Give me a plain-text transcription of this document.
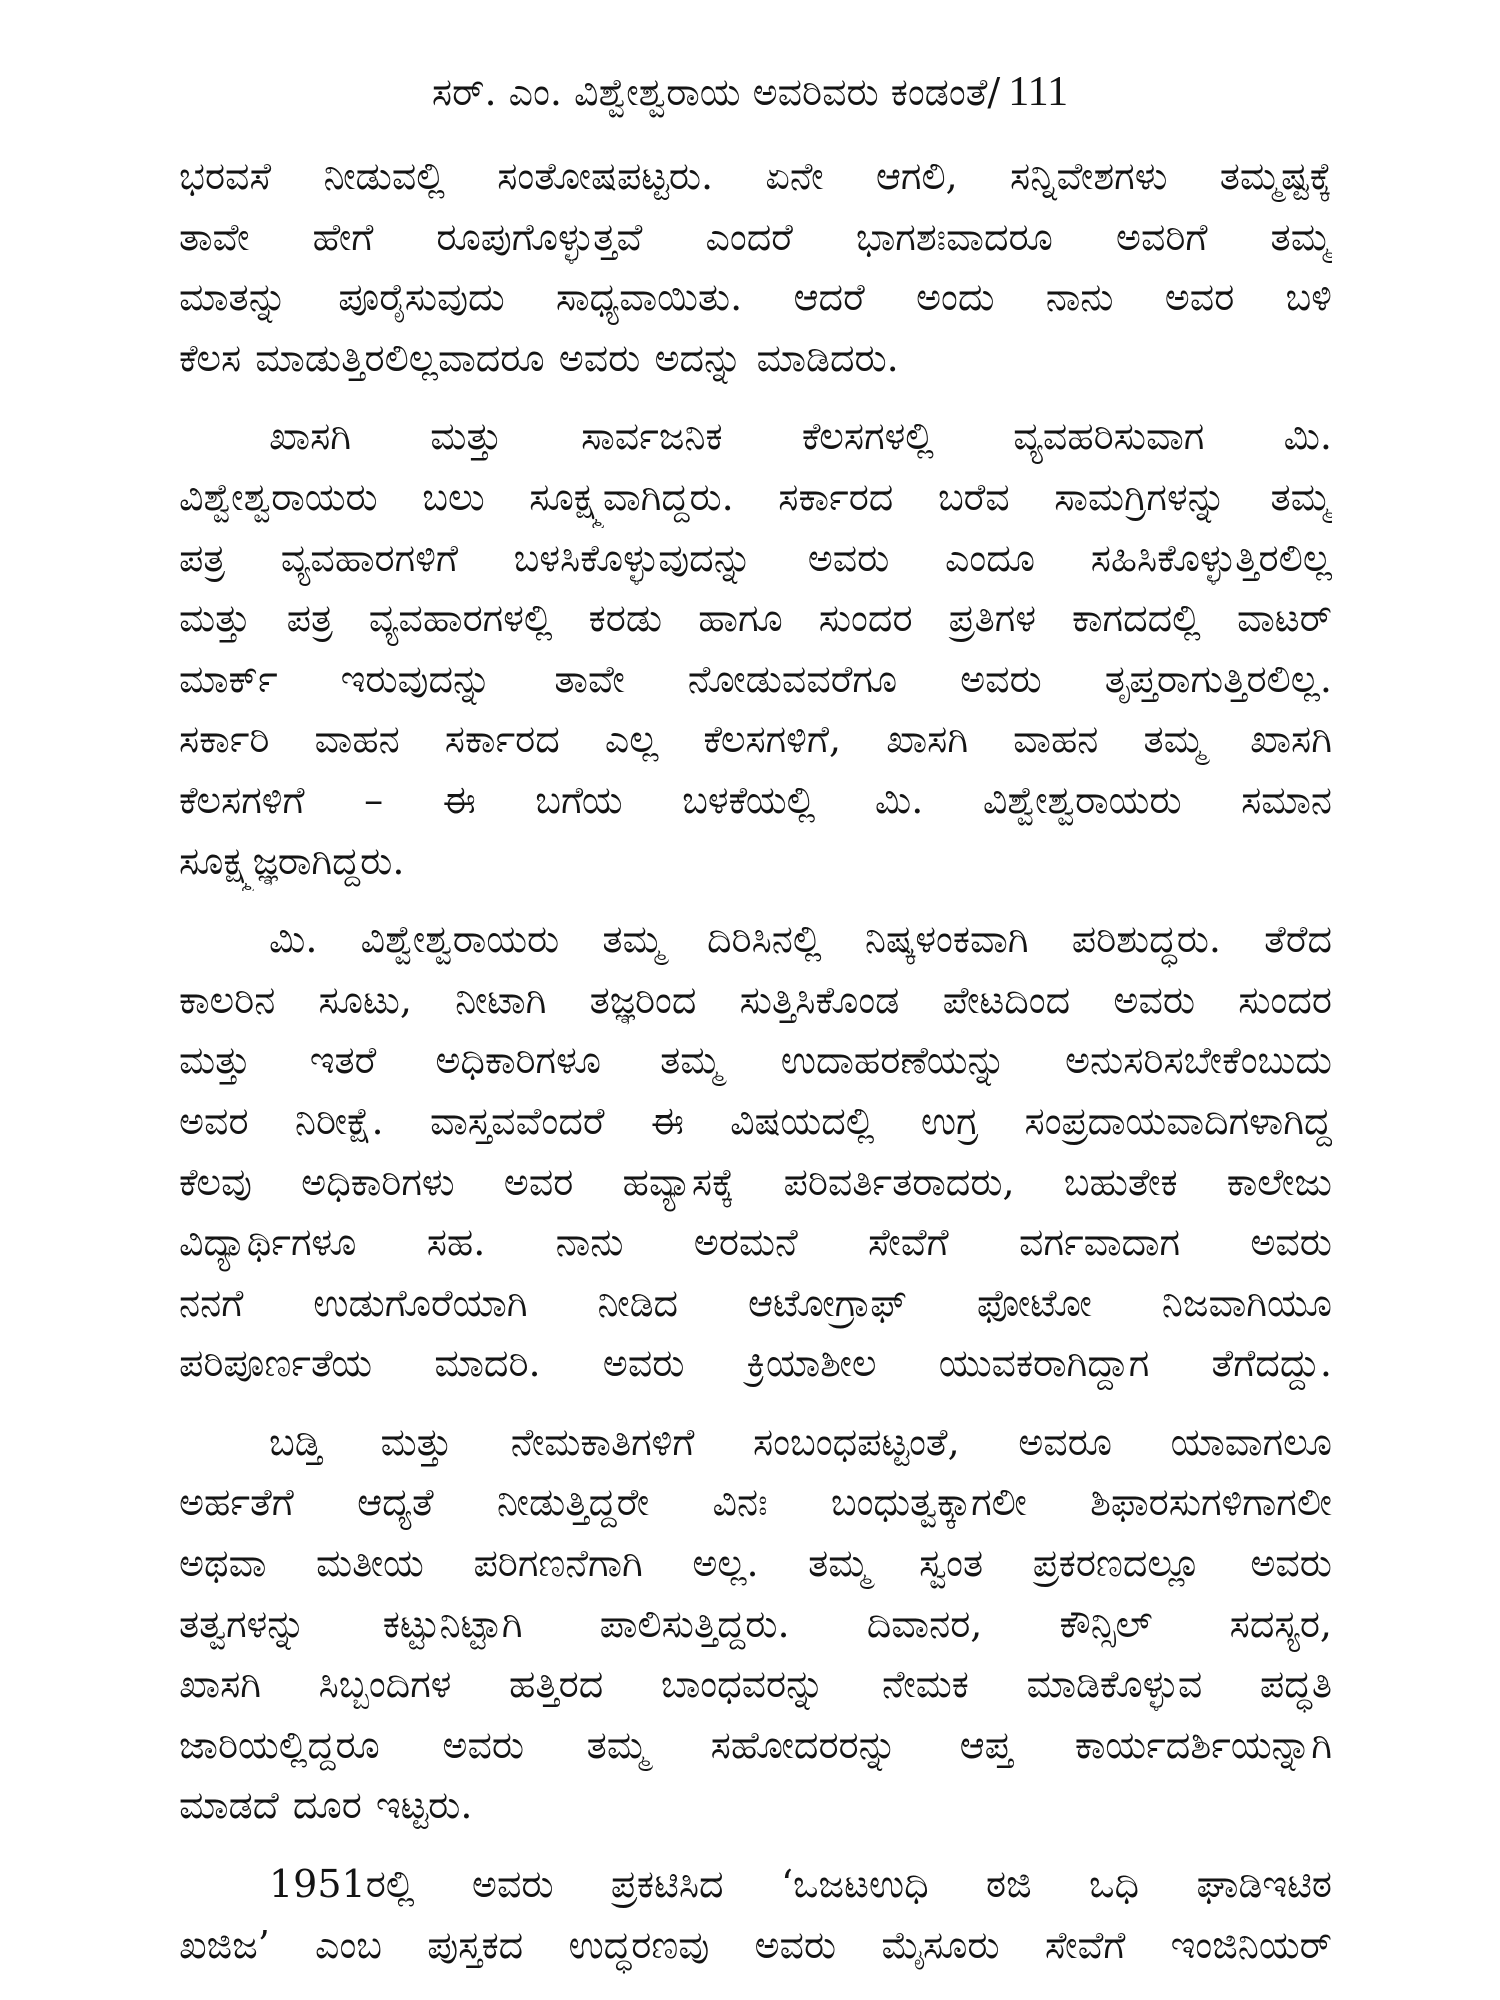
ಸರ್. ಎಂ. ವಿಶ್ವೇಶ್ವರಾಯ ಅವರಿವರು ಕಂಡಂತೆ/ 111
ಭರವಸೆ ನೀಡುವಲ್ಲಿ ಸಂತೋಷಪಟ್ಟರು. ಏನೇ ಆಗಲಿ, ಸನ್ನಿವೇಶಗಳು ತಮ್ಮಷ್ಟಕ್ಕೆ
ತಾವೇ ಹೇಗೆ ರೂಪುಗೊಳ್ಳುತ್ತವೆ ಎಂದರೆ ಭಾಗಶಃವಾದರೂ ಅವರಿಗೆ ತಮ್ಮ
ಮಾತನ್ನು ಪೂರೈಸುವುದು ಸಾಧ್ಯವಾಯಿತು. ಆದರೆ ಅಂದು ನಾನು ಅವರ ಬಳಿ
ಕೆಲಸ ಮಾಡುತ್ತಿರಲಿಲ್ಲವಾದರೂ ಅವರು ಅದನ್ನು ಮಾಡಿದರು.
ಖಾಸಗಿ ಮತ್ತು ಸಾರ್ವಜನಿಕ ಕೆಲಸಗಳಲ್ಲಿ ವ್ಯವಹರಿಸುವಾಗ ಮಿ.
ವಿಶ್ವೇಶ್ವರಾಯರು ಬಲು ಸೂಕ್ಷ್ಮವಾಗಿದ್ದರು. ಸರ್ಕಾರದ ಬರೆವ ಸಾಮಗ್ರಿಗಳನ್ನು ತಮ್ಮ
ಪತ್ರ ವ್ಯವಹಾರಗಳಿಗೆ ಬಳಸಿಕೊಳ್ಳುವುದನ್ನು ಅವರು ಎಂದೂ ಸಹಿಸಿಕೊಳ್ಳುತ್ತಿರಲಿಲ್ಲ
ಮತ್ತು ಪತ್ರ ವ್ಯವಹಾರಗಳಲ್ಲಿ ಕರಡು ಹಾಗೂ ಸುಂದರ ಪ್ರತಿಗಳ ಕಾಗದದಲ್ಲಿ ವಾಟರ್
ಮಾರ್ಕ್ ಇರುವುದನ್ನು ತಾವೇ ನೋಡುವವರೆಗೂ ಅವರು ತೃಪ್ತರಾಗುತ್ತಿರಲಿಲ್ಲ.
ಸರ್ಕಾರಿ ವಾಹನ ಸರ್ಕಾರದ ಎಲ್ಲ ಕೆಲಸಗಳಿಗೆ, ಖಾಸಗಿ ವಾಹನ ತಮ್ಮ ಖಾಸಗಿ
ಕೆಲಸಗಳಿಗೆ – ಈ ಬಗೆಯ ಬಳಕೆಯಲ್ಲಿ ಮಿ. ವಿಶ್ವೇಶ್ವರಾಯರು ಸಮಾನ
ಸೂಕ್ಷ್ಮಜ್ಞರಾಗಿದ್ದರು.
ಮಿ. ವಿಶ್ವೇಶ್ವರಾಯರು ತಮ್ಮ ದಿರಿಸಿನಲ್ಲಿ ನಿಷ್ಕಳಂಕವಾಗಿ ಪರಿಶುದ್ಧರು. ತೆರೆದ
ಕಾಲರಿನ ಸೂಟು, ನೀಟಾಗಿ ತಜ್ಞರಿಂದ ಸುತ್ತಿಸಿಕೊಂಡ ಪೇಟದಿಂದ ಅವರು ಸುಂದರ
ಮತ್ತು ಇತರೆ ಅಧಿಕಾರಿಗಳೂ ತಮ್ಮ ಉದಾಹರಣೆಯನ್ನು ಅನುಸರಿಸಬೇಕೆಂಬುದು
ಅವರ ನಿರೀಕ್ಷೆ. ವಾಸ್ತವವೆಂದರೆ ಈ ವಿಷಯದಲ್ಲಿ ಉಗ್ರ ಸಂಪ್ರದಾಯವಾದಿಗಳಾಗಿದ್ದ
ಕೆಲವು ಅಧಿಕಾರಿಗಳು ಅವರ ಹವ್ಯಾಸಕ್ಕೆ ಪರಿವರ್ತಿತರಾದರು, ಬಹುತೇಕ ಕಾಲೇಜು
ವಿದ್ಯಾರ್ಥಿಗಳೂ ಸಹ. ನಾನು ಅರಮನೆ ಸೇವೆಗೆ ವರ್ಗವಾದಾಗ ಅವರು
ನನಗೆ ಉಡುಗೊರೆಯಾಗಿ ನೀಡಿದ ಆಟೋಗ್ರಾಫ್ ಫೋಟೋ ನಿಜವಾಗಿಯೂ
ಪರಿಪೂರ್ಣತೆಯ ಮಾದರಿ. ಅವರು ಕ್ರಿಯಾಶೀಲ ಯುವಕರಾಗಿದ್ದಾಗ ತೆಗೆದದ್ದು.
ಬಡ್ತಿ ಮತ್ತು ನೇಮಕಾತಿಗಳಿಗೆ ಸಂಬಂಧಪಟ್ಟಂತೆ, ಅವರೂ ಯಾವಾಗಲೂ
ಅರ್ಹತೆಗೆ ಆದ್ಯತೆ ನೀಡುತ್ತಿದ್ದರೇ ವಿನಃ ಬಂಧುತ್ವಕ್ಕಾಗಲೀ ಶಿಫಾರಸುಗಳಿಗಾಗಲೀ
ಅಥವಾ ಮತೀಯ ಪರಿಗಣನೆಗಾಗಿ ಅಲ್ಲ. ತಮ್ಮ ಸ್ವಂತ ಪ್ರಕರಣದಲ್ಲೂ ಅವರು
ತತ್ವಗಳನ್ನು ಕಟ್ಟುನಿಟ್ಟಾಗಿ ಪಾಲಿಸುತ್ತಿದ್ದರು. ದಿವಾನರ, ಕೌನ್ಸಿಲ್ ಸದಸ್ಯರ,
ಖಾಸಗಿ ಸಿಬ್ಬಂದಿಗಳ ಹತ್ತಿರದ ಬಾಂಧವರನ್ನು ನೇಮಕ ಮಾಡಿಕೊಳ್ಳುವ ಪದ್ಧತಿ
ಜಾರಿಯಲ್ಲಿದ್ದರೂ ಅವರು ತಮ್ಮ ಸಹೋದರರನ್ನು ಆಪ್ತ ಕಾರ್ಯದರ್ಶಿಯನ್ನಾಗಿ
ಮಾಡದೆ ದೂರ ಇಟ್ಟರು.
1951ರಲ್ಲಿ ಅವರು ಪ್ರಕಟಿಸಿದ ‘ಒಜಟಉಧಿ ಠಜಿ ಒಧಿ ಘಾಡಿಇಟಿಠ
ಖಜಿಜ’ ಎಂಬ ಪುಸ್ತಕದ ಉದ್ಧರಣವು ಅವರು ಮೈಸೂರು ಸೇವೆಗೆ ಇಂಜಿನಿಯರ್
